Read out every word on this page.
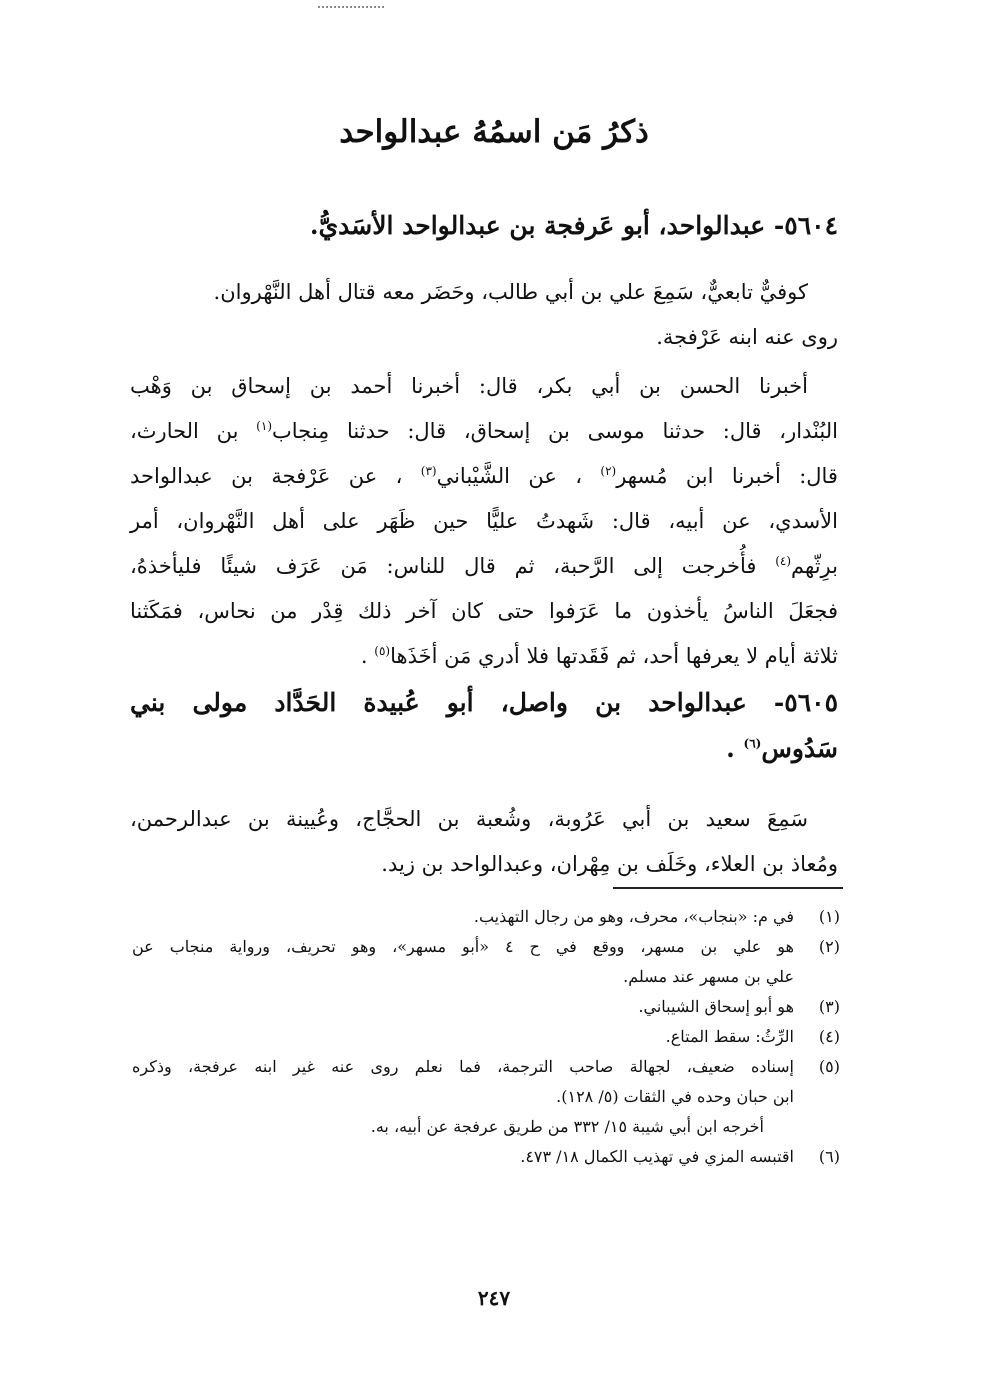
ذكرُ مَن اسمُهُ عبدالواحد
٥٦٠٤- عبدالواحد، أبو عَرفجة بن عبدالواحد الأسَديُّ.
كوفيٌّ تابعيٌّ، سَمِعَ علي بن أبي طالب، وحَضَر معه قتال أهل النَّهْروان.
روى عنه ابنه عَرْفجة.
أخبرنا الحسن بن أبي بكر، قال: أخبرنا أحمد بن إسحاق بن وَهْب
البُنْدار، قال: حدثنا موسى بن إسحاق، قال: حدثنا مِنجاب$^{(١)}$ بن الحارث،
قال: أخبرنا ابن مُسهر$^{(٢)}$ ، عن الشَّيْباني$^{(٣)}$ ، عن عَرْفجة بن عبدالواحد
الأسدي، عن أبيه، قال: شَهدتُ عليًّا حين ظَهَر على أهل النَّهْروان، أمر
برِثّهم$^{(٤)}$ فأُخرجت إلى الرَّحبة، ثم قال للناس: مَن عَرَف شيئًا فليأخذهُ،
فجعَلَ الناسُ يأخذون ما عَرَفوا حتى كان آخر ذلك قِدْر من نحاس، فمَكَثنا
ثلاثة أيام لا يعرفها أحد، ثم فَقَدتها فلا أدري مَن أخَذَها$^{(٥)}$ .
٥٦٠٥- عبدالواحد بن واصل، أبو عُبيدة الحَدَّاد مولى بني
سَدُوس$^{(٦)}$ .
سَمِعَ سعيد بن أبي عَرُوبة، وشُعبة بن الحجَّاج، وعُيينة بن عبدالرحمن،
ومُعاذ بن العلاء، وخَلَف بن مِهْران، وعبدالواحد بن زيد.
(١)
في م: «بنجاب»، محرف، وهو من رجال التهذيب.
(٢)
هو علي بن مسهر، ووقع في ح ٤ «أبو مسهر»، وهو تحريف، ورواية منجاب عن
علي بن مسهر عند مسلم.
(٣)
هو أبو إسحاق الشيباني.
(٤)
الرِّثُ: سقط المتاع.
(٥)
إسناده ضعيف، لجهالة صاحب الترجمة، فما نعلم روى عنه غير ابنه عرفجة، وذكره
ابن حبان وحده في الثقات (٥/ ١٢٨).
أخرجه ابن أبي شيبة ١٥/ ٣٣٢ من طريق عرفجة عن أبيه، به.
(٦)
اقتبسه المزي في تهذيب الكمال ١٨/ ٤٧٣.
٢٤٧
